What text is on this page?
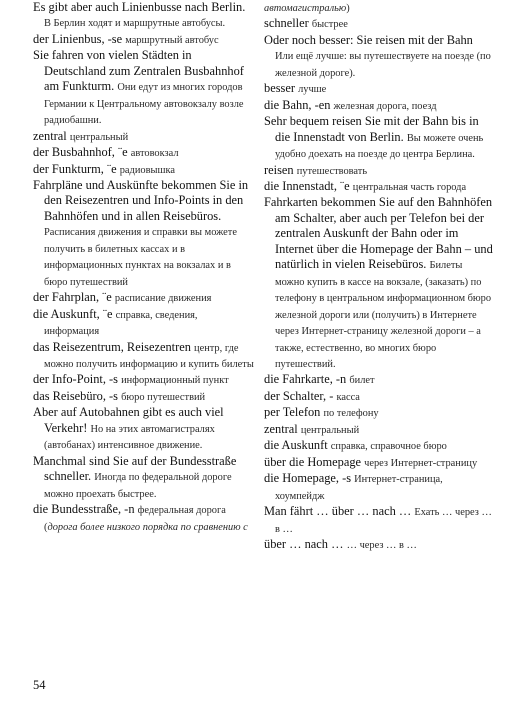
Es gibt aber auch Linienbusse nach Berlin. В Берлин ходят и маршрутные автобусы.

der Linienbus, -se маршрутный автобус

Sie fahren von vielen Städten in Deutschland zum Zentralen Busbahnhof am Funkturm. Они едут из многих городов Германии к Центральному автовокзалу возле радиобашни.

zentral центральный

der Busbahnhof, ¨e автовокзал

der Funkturm, ¨e радиовышка

Fahrpläne und Auskünfte bekommen Sie in den Reisezentren und Info-Points in den Bahnhöfen und in allen Reisebüros. Расписания движения и справки вы можете получить в билетных кассах и в информационных пунктах на вокзалах и в бюро путешествий

der Fahrplan, ¨e расписание движения

die Auskunft, ¨e справка, сведения, информация

das Reisezentrum, Reisezentren центр, где можно получить информацию и купить билеты

der Info-Point, -s информационный пункт

das Reisebüro, -s бюро путешествий

Aber auf Autobahnen gibt es auch viel Verkehr! Но на этих автомагистралях (автобанах) интенсивное движение.

Manchmal sind Sie auf der Bundesstraße schneller. Иногда по федеральной дороге можно проехать быстрее.

die Bundesstraße, -n федеральная дорога (дорога более низкого порядка по сравнению с

автомагистралью)

schneller быстрее

Oder noch besser: Sie reisen mit der Bahn Или ещё лучше: вы путешествуете на поезде (по железной дороге).

besser лучше

die Bahn, -en железная дорога, поезд

Sehr bequem reisen Sie mit der Bahn bis in die Innenstadt von Berlin. Вы можете очень удобно доехать на поезде до центра Берлина.

reisen путешествовать

die Innenstadt, ¨e центральная часть города

Fahrkarten bekommen Sie auf den Bahnhöfen am Schalter, aber auch per Telefon bei der zentralen Auskunft der Bahn oder im Internet über die Homepage der Bahn – und natürlich in vielen Reisebüros. Билеты можно купить в кассе на вокзале, (заказать) по телефону в центральном информационном бюро железной дороги или (получить) в Интернете через Интернет-страницу железной дороги – а также, естественно, во многих бюро путешествий.

die Fahrkarte, -n билет

der Schalter, - касса

per Telefon по телефону

zentral центральный

die Auskunft справка, справочное бюро

über die Homepage через Интернет-страницу

die Homepage, -s Интернет-страница, хоумпейдж

Man fährt … über … nach … Ехать … через … в …

über … nach … … через … в …

54
